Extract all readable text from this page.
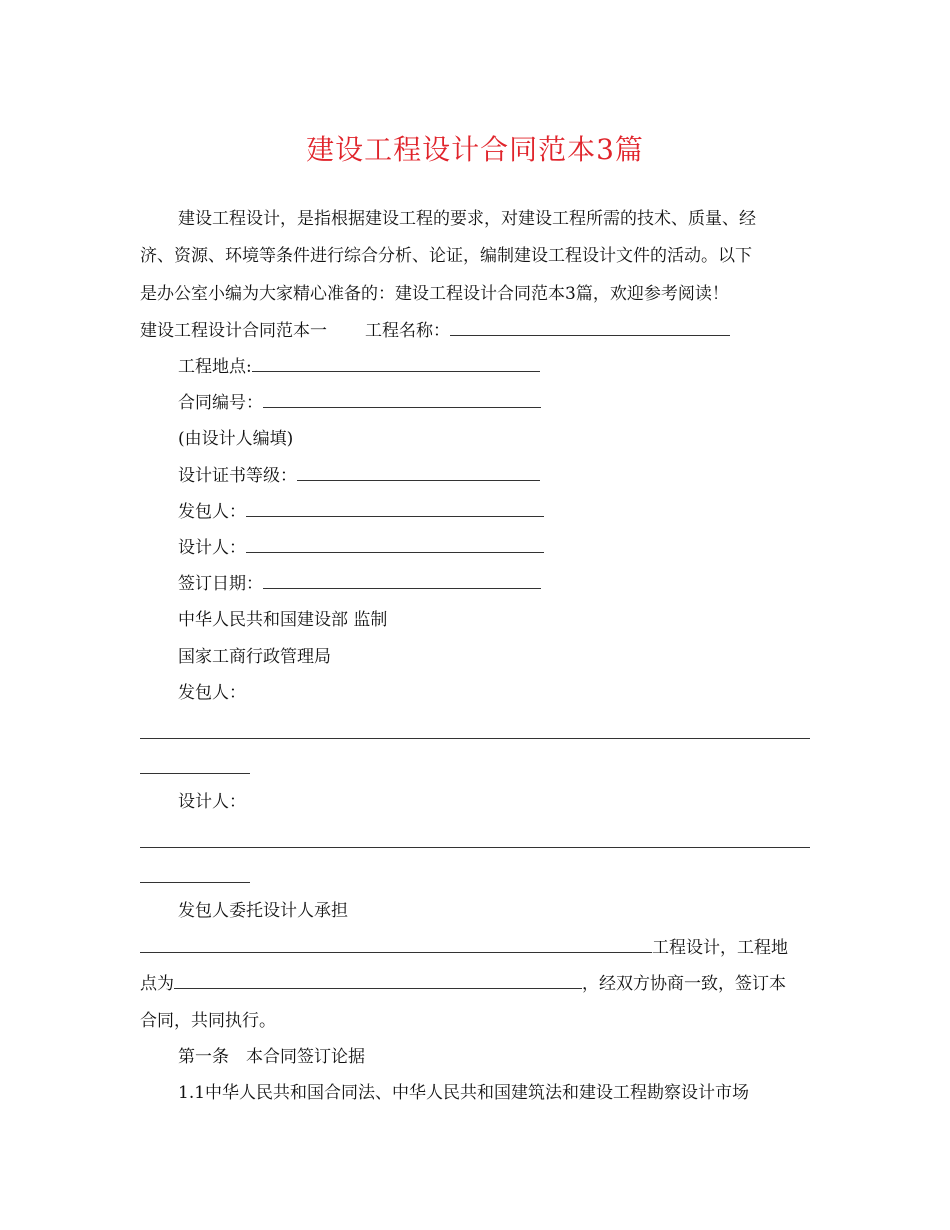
建设工程设计合同范本3篇
建设工程设计，是指根据建设工程的要求，对建设工程所需的技术、质量、经
济、资源、环境等条件进行综合分析、论证，编制建设工程设计文件的活动。以下
是办公室小编为大家精心准备的：建设工程设计合同范本3篇，欢迎参考阅读！
建设工程设计合同范本一 工程名称：
工程地点:
合同编号：
(由设计人编填)
设计证书等级：
发包人：
设计人：
签订日期：
中华人民共和国建设部 监制
国家工商行政管理局
发包人：
设计人：
发包人委托设计人承担
工程设计，工程地
点为	，经双方协商一致，签订本
合同，共同执行。
第一条　本合同签订论据
1.1中华人民共和国合同法、中华人民共和国建筑法和建设工程勘察设计市场
